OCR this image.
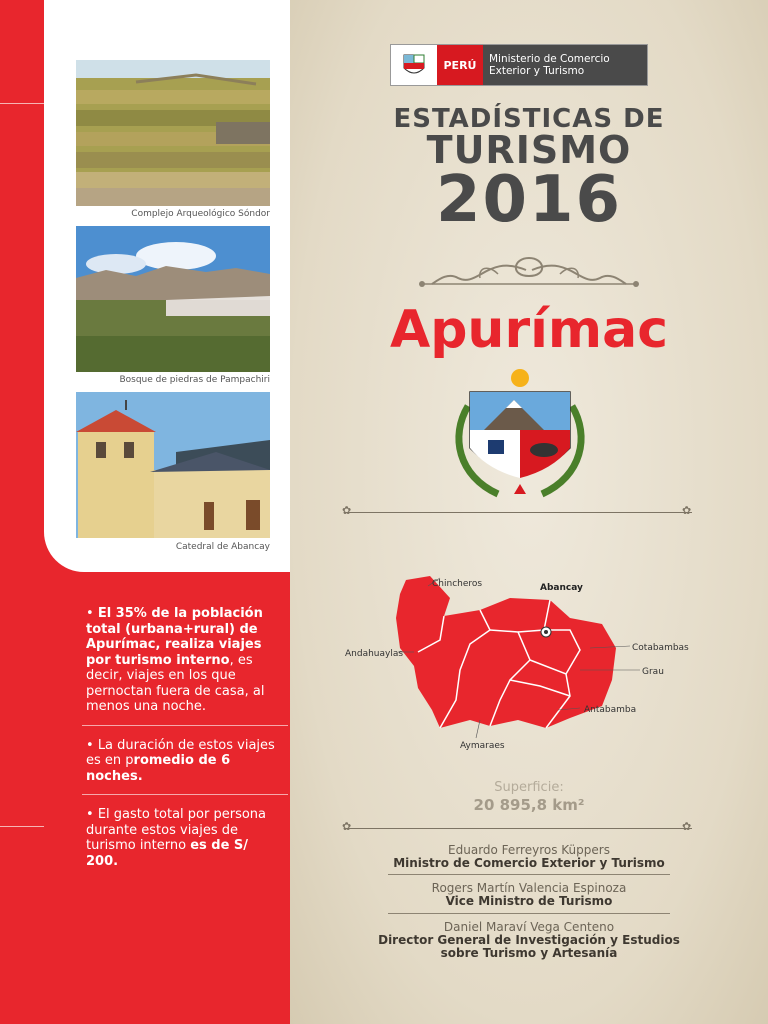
Complejo Arqueológico Sóndor
Bosque de piedras de Pampachiri
Catedral de Abancay
• El 35% de la población total (urbana+rural) de Apurímac, realiza viajes por turismo interno, es decir, viajes en los que pernoctan fuera de casa, al menos una noche.
• La duración de estos viajes es en promedio de 6 noches.
• El gasto total por persona durante estos viajes de turismo interno es de S/ 200.
PERÚ	Ministerio de Comercio
Exterior y Turismo
ESTADÍSTICAS DE
TURISMO
2016
Apurímac
✿	✿
Chincheros	Abancay
Andahuaylas
Cotabambas
Grau
Antabamba
Aymaraes
Superficie:
20 895,8 km²
✿	✿
Eduardo Ferreyros Küppers
Ministro de Comercio Exterior y Turismo
Rogers Martín Valencia Espinoza
Vice Ministro de Turismo
Daniel Maraví Vega Centeno
Director General de Investigación y Estudios
sobre Turismo y Artesanía
